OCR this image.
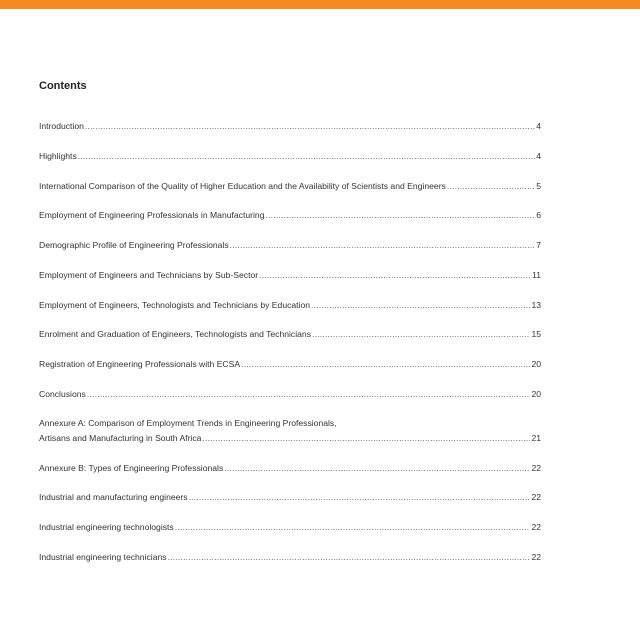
Contents
Introduction .....	4
Highlights .....	4
International Comparison of the Quality of Higher Education and the Availability of Scientists and Engineers .....	5
Employment of Engineering Professionals in Manufacturing .....	6
Demographic Profile of Engineering Professionals .....	7
Employment of Engineers and Technicians by Sub-Sector .....	11
Employment of Engineers, Technologists and Technicians by Education .....	13
Enrolment and Graduation of Engineers, Technologists and Technicians .....	15
Registration of Engineering Professionals with ECSA .....	20
Conclusions .....	20
Annexure A: Comparison of Employment Trends in Engineering Professionals,
Artisans and Manufacturing in South Africa .....	21
Annexure B: Types of Engineering Professionals .....	22
Industrial and manufacturing engineers .....	22
Industrial engineering technologists .....	22
Industrial engineering technicians .....	22
